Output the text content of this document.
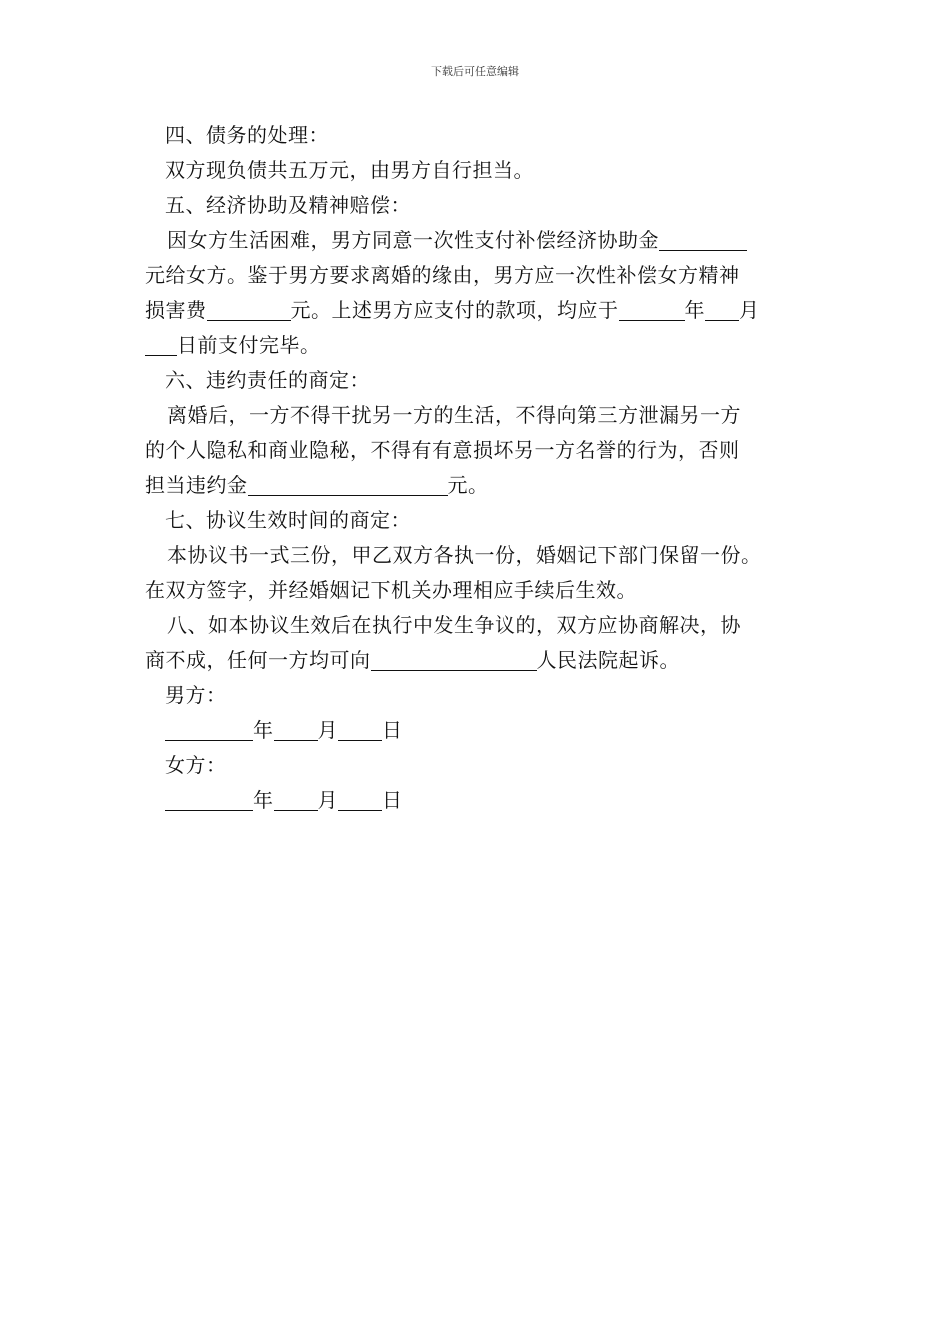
下载后可任意编辑
四、债务的处理：
双方现负债共五万元，由男方自行担当。
五、经济协助及精神赔偿：
因女方生活困难，男方同意一次性支付补偿经济协助金
元给女方。鉴于男方要求离婚的缘由，男方应一次性补偿女方精神
损害费	元。上述男方应支付的款项，均应于	年 月
日前支付完毕。
六、违约责任的商定：
离婚后，一方不得干扰另一方的生活，不得向第三方泄漏另一方
的个人隐私和商业隐秘，不得有有意损坏另一方名誉的行为，否则
担当违约金	元。
七、协议生效时间的商定：
本协议书一式三份，甲乙双方各执一份，婚姻记下部门保留一份。
在双方签字，并经婚姻记下机关办理相应手续后生效。
八、如本协议生效后在执行中发生争议的，双方应协商解决，协
商不成，任何一方均可向	人民法院起诉。
男方：
年 月 日
女方：
年 月 日
